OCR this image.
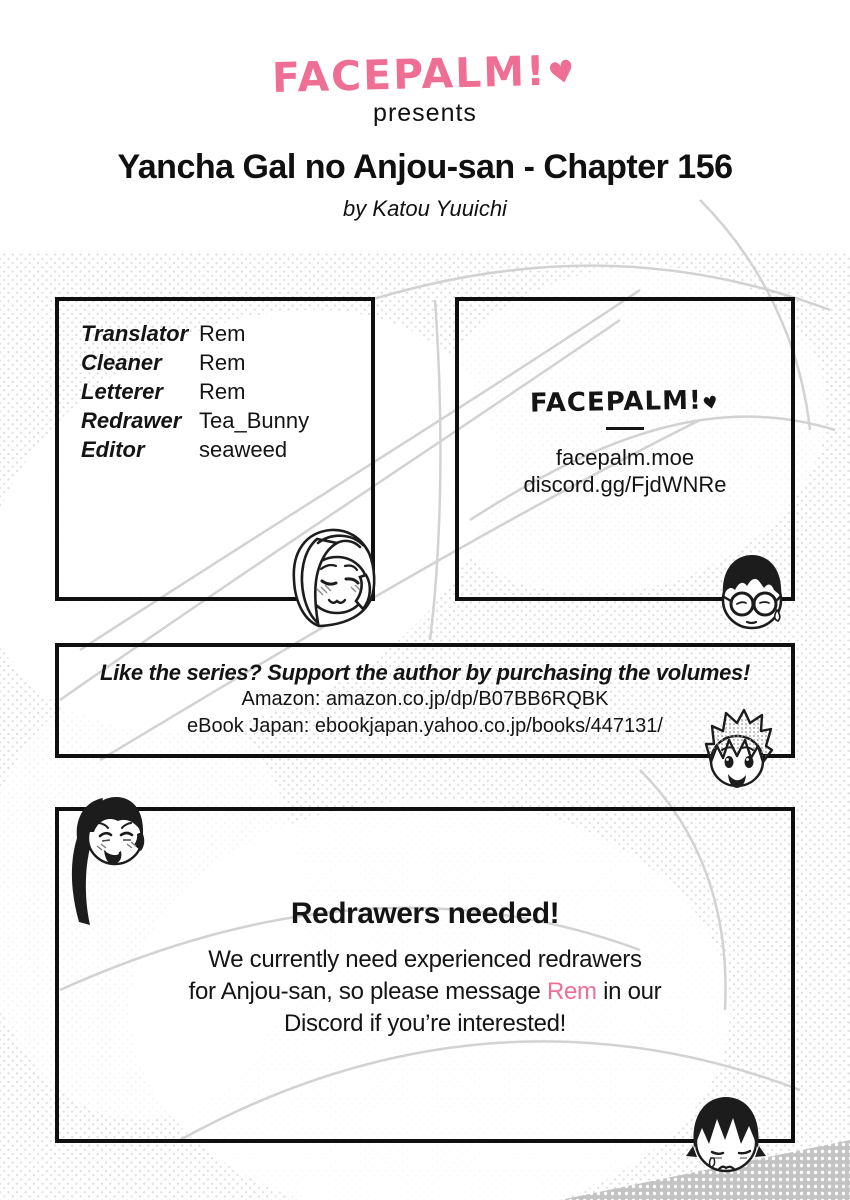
FACEPALM!♥
presents
Yancha Gal no Anjou-san - Chapter 156
by Katou Yuuichi
Translator Rem
Cleaner	Rem
Letterer	Rem
Redrawer Tea_Bunny
Editor	seaweed
FACEPALM!♥
facepalm.moe
discord.gg/FjdWNRe
Like the series? Support the author by purchasing the volumes!
Amazon: amazon.co.jp/dp/B07BB6RQBK
eBook Japan: ebookjapan.yahoo.co.jp/books/447131/
Redrawers needed!
We currently need experienced redrawers
for Anjou-san, so please message Rem in our
Discord if you’re interested!
